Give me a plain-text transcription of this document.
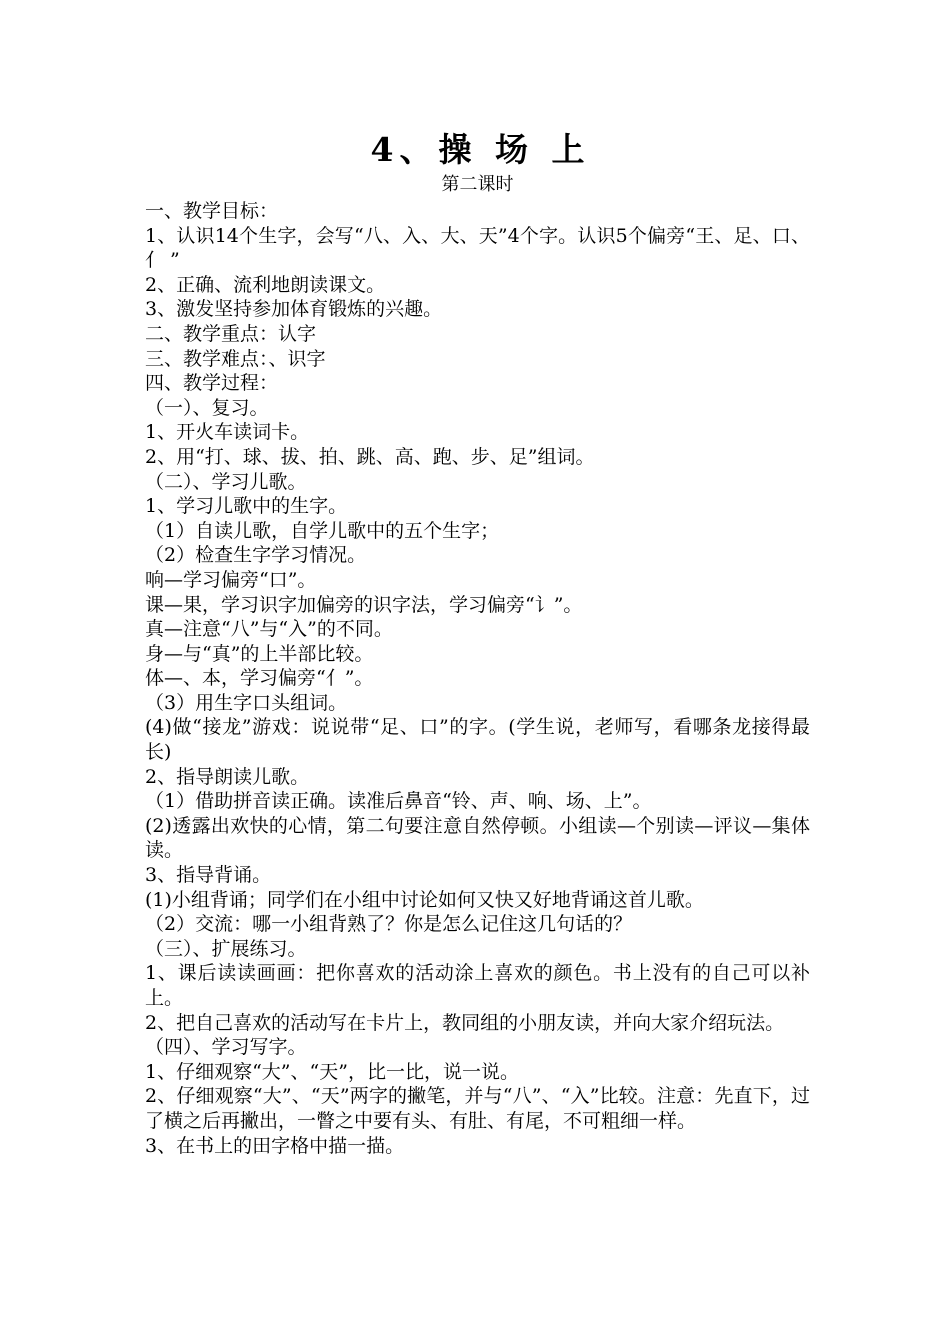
4、操 场 上

第二课时

一、教学目标：

1、认识14个生字，会写“八、入、大、天”4个字。认识5个偏旁“王、足、口、亻 ”

2、正确、流利地朗读课文。

3、激发坚持参加体育锻炼的兴趣。

二、教学重点：认字

三、教学难点：、识字

四、教学过程：

（一）、复习。

1、开火车读词卡。

2、用“打、球、拔、拍、跳、高、跑、步、足”组词。

（二）、学习儿歌。

1、学习儿歌中的生字。

（1）自读儿歌，自学儿歌中的五个生字；

（2）检查生字学习情况。

响—学习偏旁“口”。

课—果，学习识字加偏旁的识字法，学习偏旁“讠”。

真—注意“八”与“入”的不同。

身—与“真”的上半部比较。

体—、本，学习偏旁“亻”。

（3）用生字口头组词。

(4)做“接龙”游戏：说说带“足、口”的字。(学生说，老师写，看哪条龙接得最长)

2、指导朗读儿歌。

（1）借助拼音读正确。读准后鼻音“铃、声、响、场、上”。

(2)透露出欢快的心情，第二句要注意自然停顿。小组读—个别读—评议—集体读。

3、指导背诵。

(1)小组背诵；同学们在小组中讨论如何又快又好地背诵这首儿歌。

（2）交流：哪一小组背熟了？你是怎么记住这几句话的？

（三）、扩展练习。

1、课后读读画画：把你喜欢的活动涂上喜欢的颜色。书上没有的自己可以补上。

2、把自己喜欢的活动写在卡片上，教同组的小朋友读，并向大家介绍玩法。

（四）、学习写字。

1、仔细观察“大”、“天”，比一比，说一说。

2、仔细观察“大”、“天”两字的撇笔，并与“八”、“入”比较。注意：先直下，过了横之后再撇出，一瞥之中要有头、有肚、有尾，不可粗细一样。

3、在书上的田字格中描一描。
